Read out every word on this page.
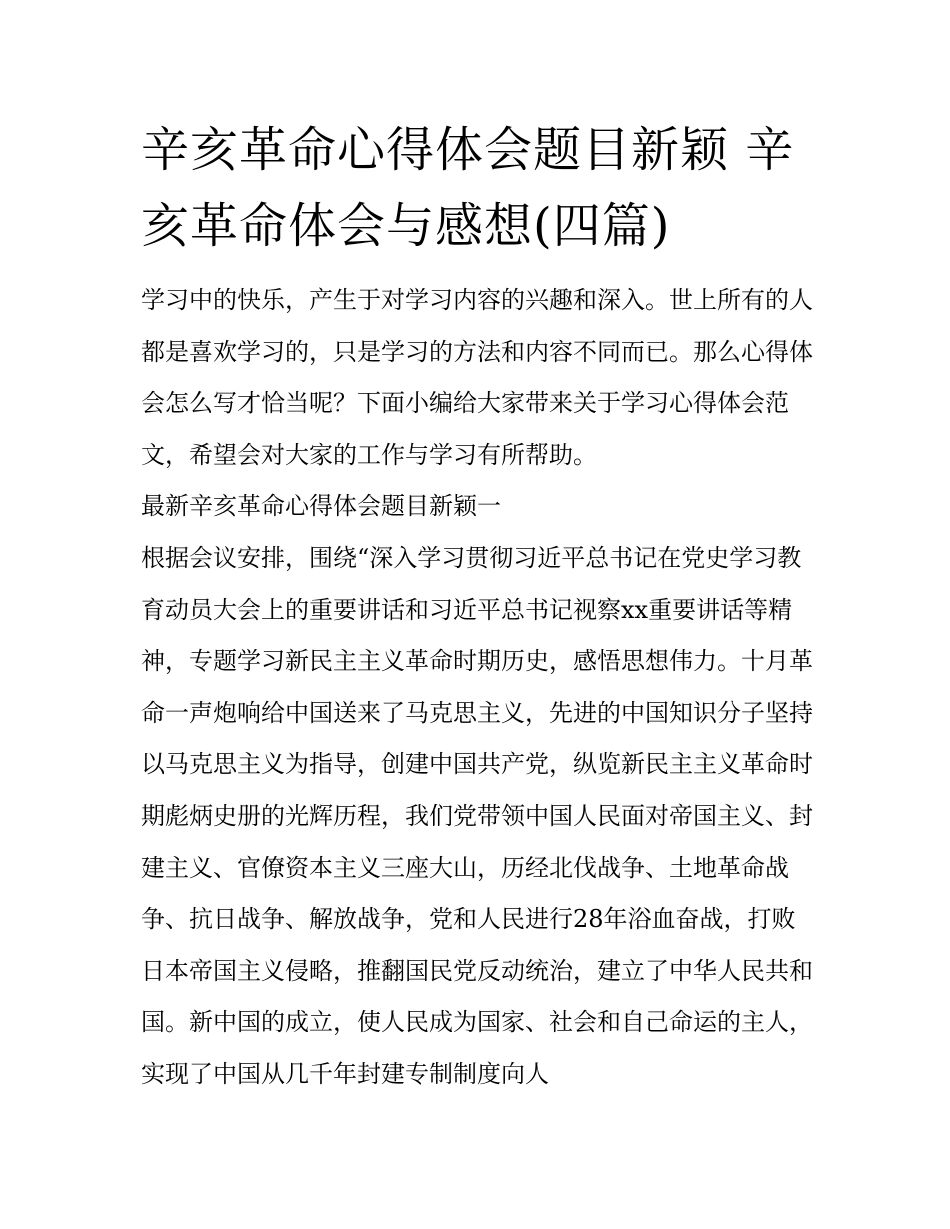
辛亥革命心得体会题目新颖 辛亥革命体会与感想(四篇)

学习中的快乐，产生于对学习内容的兴趣和深入。世上所有的人都是喜欢学习的，只是学习的方法和内容不同而已。那么心得体会怎么写才恰当呢？下面小编给大家带来关于学习心得体会范文，希望会对大家的工作与学习有所帮助。

最新辛亥革命心得体会题目新颖一

根据会议安排，围绕“深入学习贯彻习近平总书记在党史学习教育动员大会上的重要讲话和习近平总书记视察xx重要讲话等精神，专题学习新民主主义革命时期历史，感悟思想伟力。十月革命一声炮响给中国送来了马克思主义，先进的中国知识分子坚持以马克思主义为指导，创建中国共产党，纵览新民主主义革命时期彪炳史册的光辉历程，我们党带领中国人民面对帝国主义、封建主义、官僚资本主义三座大山，历经北伐战争、土地革命战争、抗日战争、解放战争，党和人民进行28年浴血奋战，打败日本帝国主义侵略，推翻国民党反动统治，建立了中华人民共和国。新中国的成立，使人民成为国家、社会和自己命运的主人，实现了中国从几千年封建专制制度向人
